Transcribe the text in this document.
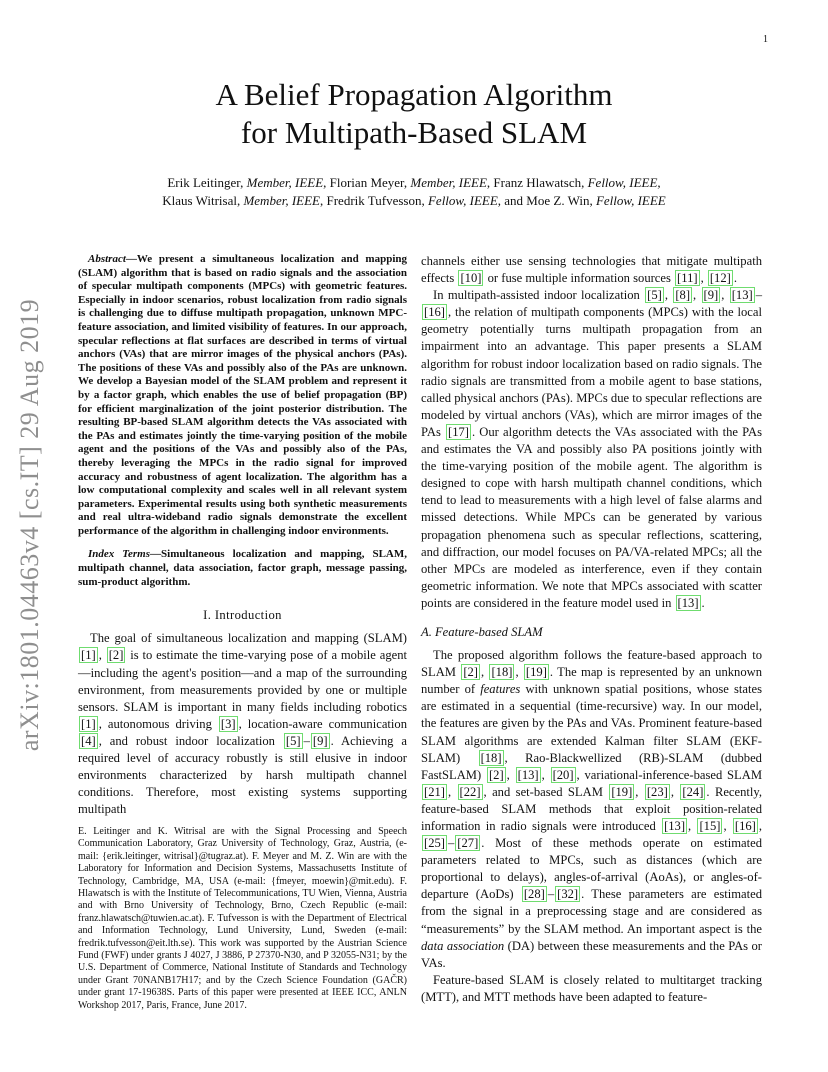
1
arXiv:1801.04463v4 [cs.IT] 29 Aug 2019
A Belief Propagation Algorithm
for Multipath-Based SLAM
Erik Leitinger, Member, IEEE, Florian Meyer, Member, IEEE, Franz Hlawatsch, Fellow, IEEE,
Klaus Witrisal, Member, IEEE, Fredrik Tufvesson, Fellow, IEEE, and Moe Z. Win, Fellow, IEEE

Abstract—We present a simultaneous localization and mapping (SLAM) algorithm that is based on radio signals and the association of specular multipath components (MPCs) with geometric features. Especially in indoor scenarios, robust localization from radio signals is challenging due to diffuse multipath propagation, unknown MPC-feature association, and limited visibility of features. In our approach, specular reflections at flat surfaces are described in terms of virtual anchors (VAs) that are mirror images of the physical anchors (PAs). The positions of these VAs and possibly also of the PAs are unknown. We develop a Bayesian model of the SLAM problem and represent it by a factor graph, which enables the use of belief propagation (BP) for efficient marginalization of the joint posterior distribution. The resulting BP-based SLAM algorithm detects the VAs associated with the PAs and estimates jointly the time-varying position of the mobile agent and the positions of the VAs and possibly also of the PAs, thereby leveraging the MPCs in the radio signal for improved accuracy and robustness of agent localization. The algorithm has a low computational complexity and scales well in all relevant system parameters. Experimental results using both synthetic measurements and real ultra-wideband radio signals demonstrate the excellent performance of the algorithm in challenging indoor environments.

Index Terms—Simultaneous localization and mapping, SLAM, multipath channel, data association, factor graph, message passing, sum-product algorithm.

I. Introduction

The goal of simultaneous localization and mapping (SLAM) [1] , [2] is to estimate the time-varying pose of a mobile agent—including the agent's position—and a map of the surrounding environment, from measurements provided by one or multiple sensors. SLAM is important in many fields including robotics [1] , autonomous driving [3] , location-aware communication [4] , and robust indoor localization [5] – [9] . Achieving a required level of accuracy robustly is still elusive in indoor environments characterized by harsh multipath channel conditions. Therefore, most existing systems supporting multipath

E. Leitinger and K. Witrisal are with the Signal Processing and Speech Communication Laboratory, Graz University of Technology, Graz, Austria, (e-mail: {erik.leitinger, witrisal}@tugraz.at). F. Meyer and M. Z. Win are with the Laboratory for Information and Decision Systems, Massachusetts Institute of Technology, Cambridge, MA, USA (e-mail: {fmeyer, moewin}@mit.edu). F. Hlawatsch is with the Institute of Telecommunications, TU Wien, Vienna, Austria and with Brno University of Technology, Brno, Czech Republic (e-mail: franz.hlawatsch@tuwien.ac.at). F. Tufvesson is with the Department of Electrical and Information Technology, Lund University, Lund, Sweden (e-mail: fredrik.tufvesson@eit.lth.se). This work was supported by the Austrian Science Fund (FWF) under grants J 4027, J 3886, P 27370-N30, and P 32055-N31; by the U.S. Department of Commerce, National Institute of Standards and Technology under Grant 70NANB17H17; and by the Czech Science Foundation (GAČR) under grant 17-19638S. Parts of this paper were presented at IEEE ICC, ANLN Workshop 2017, Paris, France, June 2017.

channels either use sensing technologies that mitigate multipath effects [10] or fuse multiple information sources [11] , [12] .

In multipath-assisted indoor localization [5] , [8] , [9] , [13] –[16] , the relation of multipath components (MPCs) with the local geometry potentially turns multipath propagation from an impairment into an advantage. This paper presents a SLAM algorithm for robust indoor localization based on radio signals. The radio signals are transmitted from a mobile agent to base stations, called physical anchors (PAs). MPCs due to specular reflections are modeled by virtual anchors (VAs), which are mirror images of the PAs [17] . Our algorithm detects the VAs associated with the PAs and estimates the VA and possibly also PA positions jointly with the time-varying position of the mobile agent. The algorithm is designed to cope with harsh multipath channel conditions, which tend to lead to measurements with a high level of false alarms and missed detections. While MPCs can be generated by various propagation phenomena such as specular reflections, scattering, and diffraction, our model focuses on PA/VA-related MPCs; all the other MPCs are modeled as interference, even if they contain geometric information. We note that MPCs associated with scatter points are considered in the feature model used in [13] .

A. Feature-based SLAM

The proposed algorithm follows the feature-based approach to SLAM [2] , [18] , [19] . The map is represented by an unknown number of features with unknown spatial positions, whose states are estimated in a sequential (time-recursive) way. In our model, the features are given by the PAs and VAs. Prominent feature-based SLAM algorithms are extended Kalman filter SLAM (EKF-SLAM) [18] , Rao-Blackwellized (RB)-SLAM (dubbed FastSLAM) [2] , [13] , [20] , variational-inference-based SLAM [21] , [22] , and set-based SLAM [19] , [23] , [24] . Recently, feature-based SLAM methods that exploit position-related information in radio signals were introduced [13] , [15] , [16] , [25] – [27] . Most of these methods operate on estimated parameters related to MPCs, such as distances (which are proportional to delays), angles-of-arrival (AoAs), or angles-of-departure (AoDs) [28] – [32] . These parameters are estimated from the signal in a preprocessing stage and are considered as “measurements” by the SLAM method. An important aspect is the data association (DA) between these measurements and the PAs or VAs.

Feature-based SLAM is closely related to multitarget tracking (MTT), and MTT methods have been adapted to feature-
